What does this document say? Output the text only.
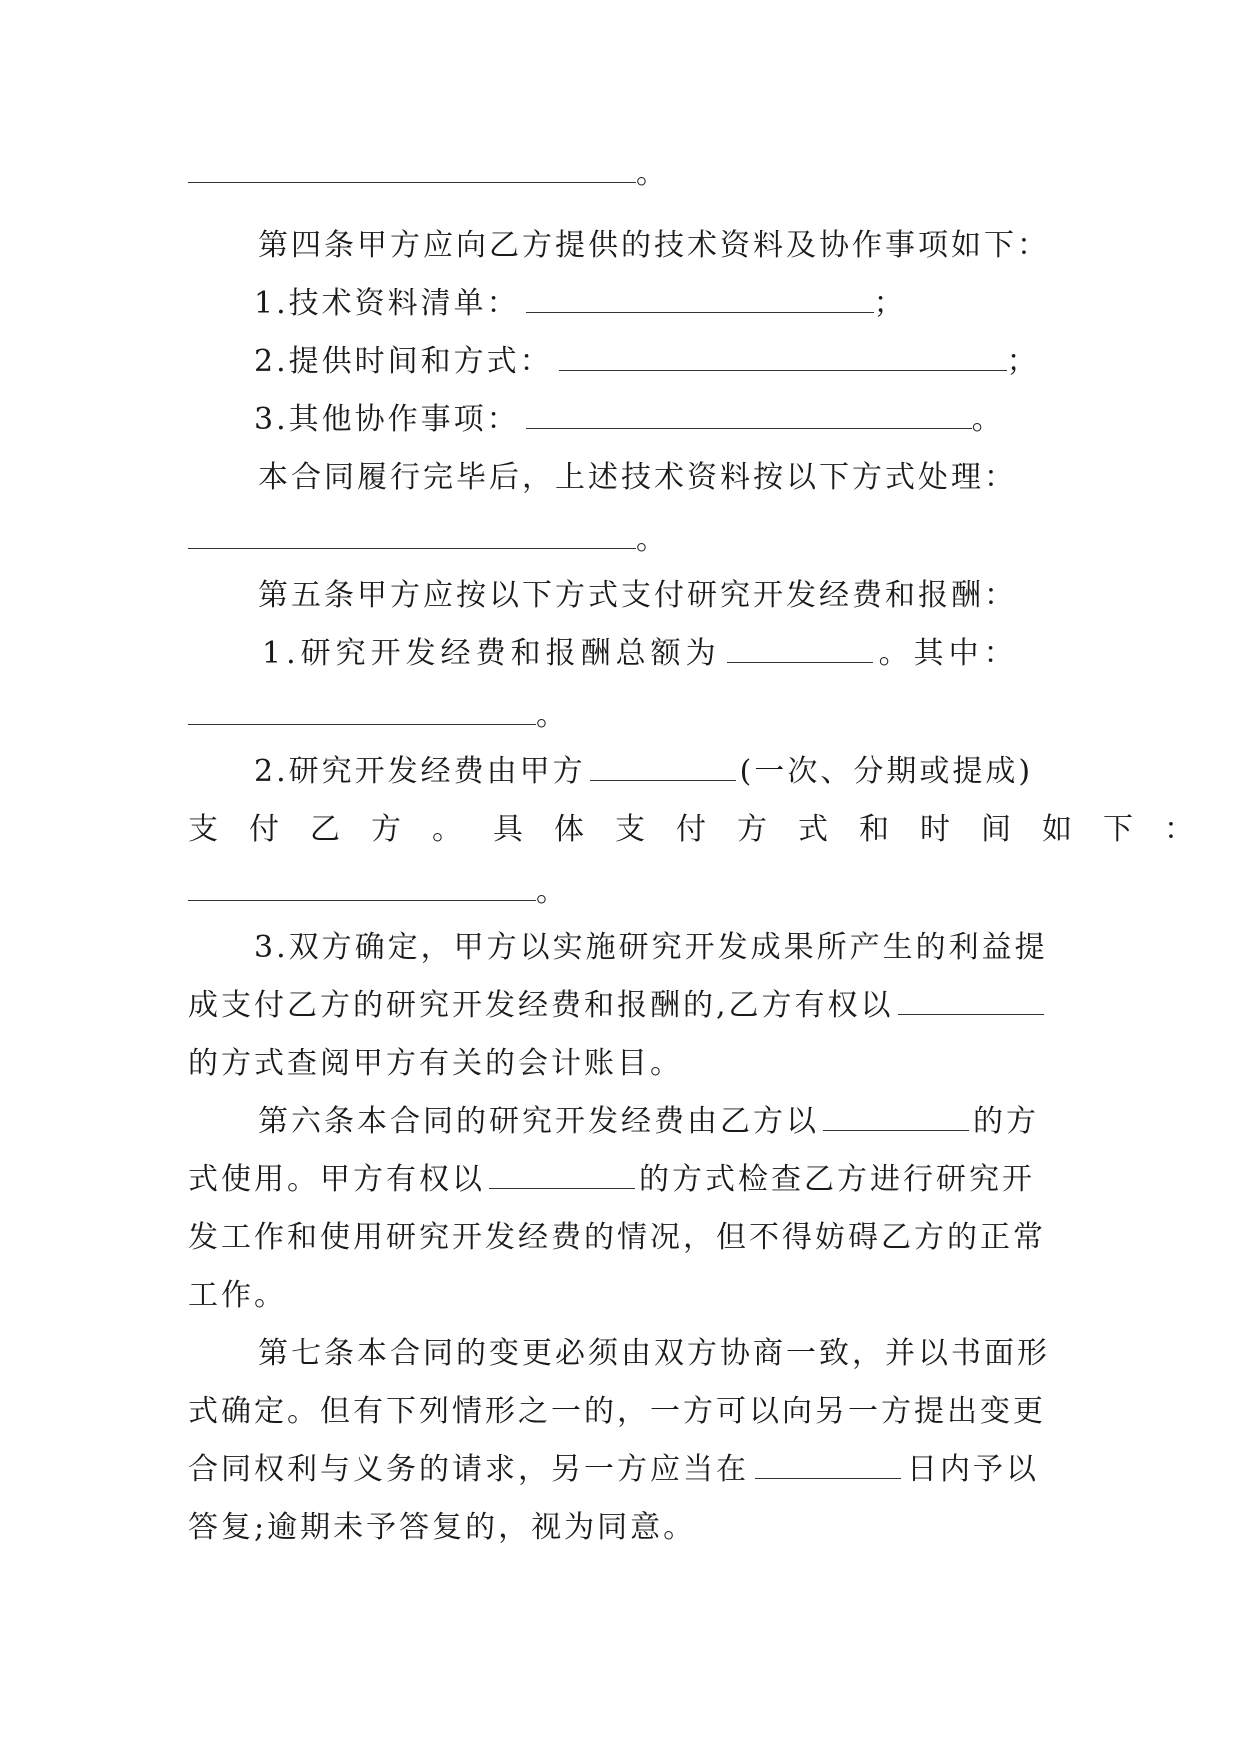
。
第四条甲方应向乙方提供的技术资料及协作事项如下：
1.技术资料清单：	；
2.提供时间和方式：	；
3.其他协作事项：	。
本合同履行完毕后，上述技术资料按以下方式处理：
。
第五条甲方应按以下方式支付研究开发经费和报酬：
1.研究开发经费和报酬总额为	。其中：
。
2.研究开发经费由甲方	(一次、分期或提成)
支付乙方。具体支付方式和时间如下：
。
3.双方确定，甲方以实施研究开发成果所产生的利益提
成支付乙方的研究开发经费和报酬的,乙方有权以
的方式查阅甲方有关的会计账目。
第六条本合同的研究开发经费由乙方以	的方
式使用。甲方有权以	的方式检查乙方进行研究开
发工作和使用研究开发经费的情况，但不得妨碍乙方的正常
工作。
第七条本合同的变更必须由双方协商一致，并以书面形
式确定。但有下列情形之一的，一方可以向另一方提出变更
合同权利与义务的请求，另一方应当在	日内予以
答复;逾期未予答复的，视为同意。
